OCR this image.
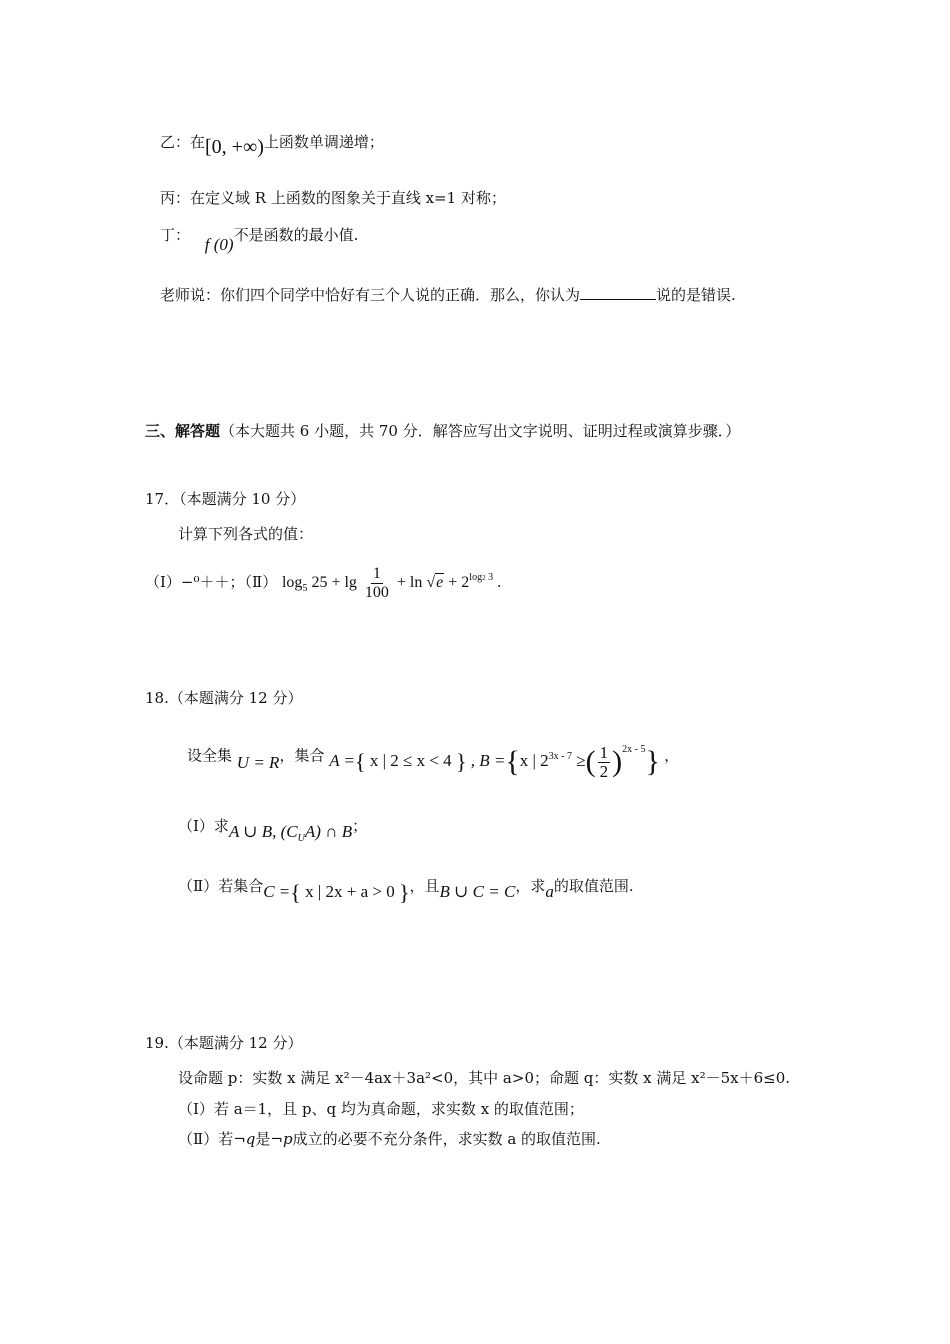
乙：在[0, +∞)上函数单调递增；
丙：在定义域 R 上函数的图象关于直线 x=1 对称；
丁： f (0)不是函数的最小值.
老师说：你们四个同学中恰好有三个人说的正确．那么，你认为	说的是错误.
三、解答题（本大题共 6 小题，共 70 分．解答应写出文字说明、证明过程或演算步骤．）
17．（本题满分 10 分）
计算下列各式的值：
（Ⅰ）−⁰＋＋；（Ⅱ） $\log_5 25 + \lg \frac{1}{100} + \ln √e + 2^{log2 3}$ .
18.（本题满分 12 分）
设全集 U = R，集合 A ={ x | 2 ≤ x < 4 } , B ={x | $2^{3x - 7}$ ≥( $\frac{1}{2} )^{2x - 5}$} ，
（Ⅰ）求A ∪ B, $(C_UA)$ ∩ B；
（Ⅱ）若集合C ={ x | 2x + a > 0 }，且B ∪ C = C，求a的取值范围.
19.（本题满分 12 分）
设命题 p：实数 x 满足 x²－4ax＋3a²<0，其中 a>0；命题 q：实数 x 满足 x²－5x＋6≤0.
（Ⅰ）若 a＝1，且 p、q 均为真命题，求实数 x 的取值范围；
（Ⅱ）若¬q是¬p成立的必要不充分条件，求实数 a 的取值范围.
